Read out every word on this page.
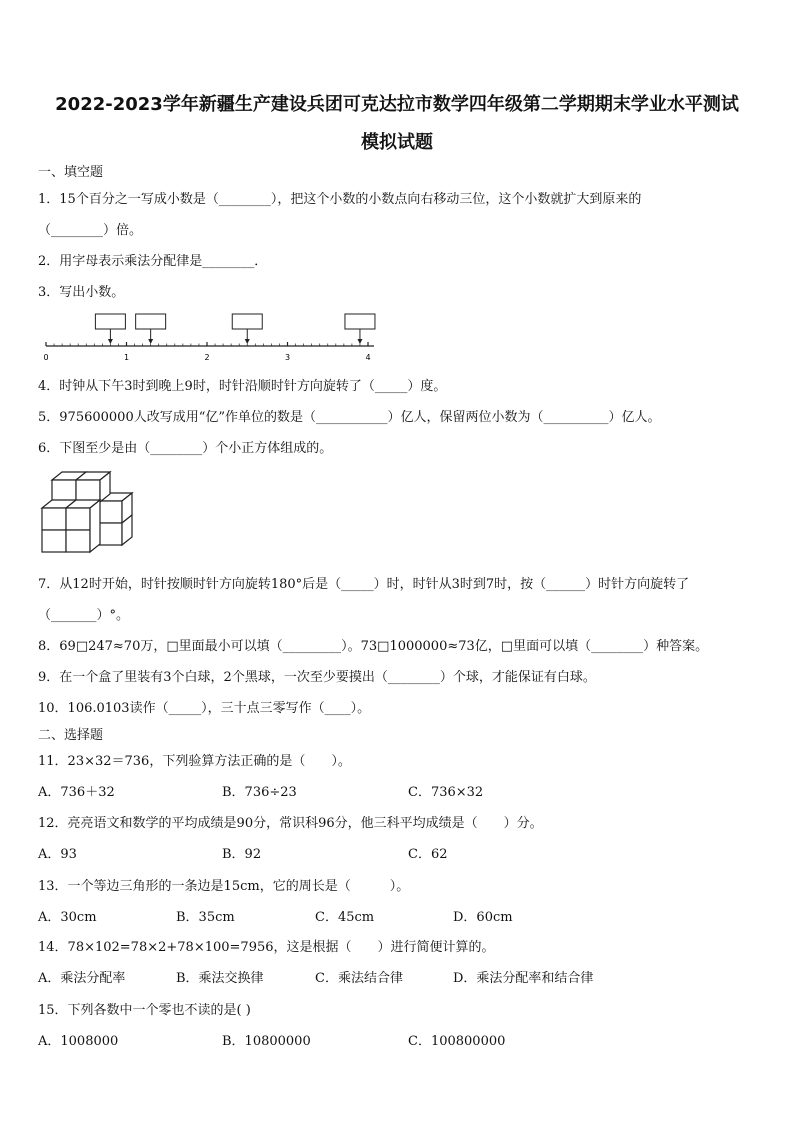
2022-2023学年新疆生产建设兵团可克达拉市数学四年级第二学期期末学业水平测试
模拟试题
一、填空题
1．15个百分之一写成小数是（________），把这个小数的小数点向右移动三位，这个小数就扩大到原来的
（________）倍。
2．用字母表示乘法分配律是________．
3．写出小数。
0	1	2	3	4
4．时钟从下午3时到晚上9时，时针沿顺时针方向旋转了（_____）度。
5．975600000人改写成用“亿”作单位的数是（___________）亿人，保留两位小数为（__________）亿人。
6．下图至少是由（________）个小正方体组成的。
7．从12时开始，时针按顺时针方向旋转180°后是（_____）时，时针从3时到7时，按（______）时针方向旋转了
（_______）°。
8．69□247≈70万，□里面最小可以填（_________）。73□1000000≈73亿，□里面可以填（________）种答案。
9．在一个盒了里装有3个白球，2个黑球，一次至少要摸出（________）个球，才能保证有白球。
10．106.0103读作（_____），三十点三零写作（____）。
二、选择题
11．23×32＝736，下列验算方法正确的是（　　）。
A．736＋32	B．736÷23	C．736×32
12．亮亮语文和数学的平均成绩是90分，常识科96分，他三科平均成绩是（　　）分。
A．93	B．92	C．62
13．一个等边三角形的一条边是15cm，它的周长是（　　　）。
A．30cm	B．35cm	C．45cm	D．60cm
14．78×102=78×2+78×100=7956，这是根据（　　）进行简便计算的。
A．乘法分配率	B．乘法交换律	C．乘法结合律	D．乘法分配率和结合律
15．下列各数中一个零也不读的是( )
A．1008000	B．10800000	C．100800000
